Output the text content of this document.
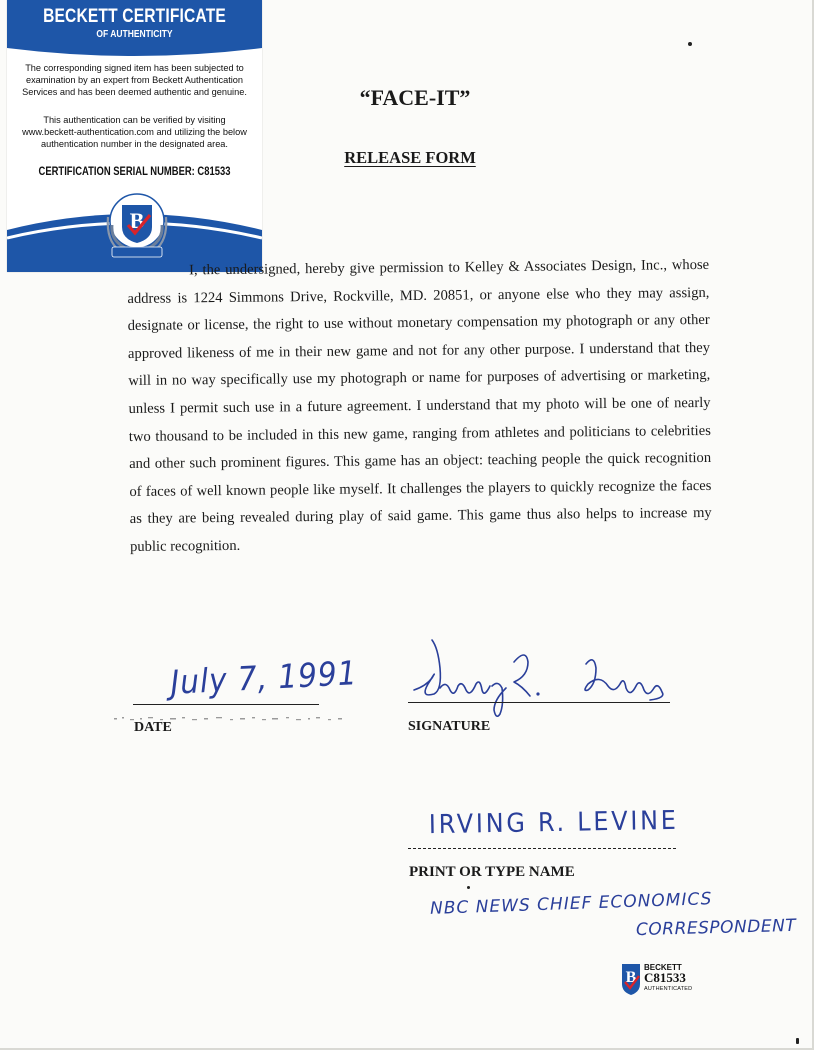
BECKETT CERTIFICATE
OF AUTHENTICITY
The corresponding signed item has been subjected to examination by an expert from Beckett Authentication Services and has been deemed authentic and genuine.
This authentication can be verified by visiting www.beckett-authentication.com and utilizing the below authentication number in the designated area.
CERTIFICATION SERIAL NUMBER: C81533
B
“FACE-IT”
RELEASE FORM
I, the undersigned, hereby give permission to Kelley & Associates Design, Inc., whose address is 1224 Simmons Drive, Rockville, MD. 20851, or anyone else who they may assign, designate or license, the right to use without monetary compensation my photograph or any other approved likeness of me in their new game and not for any other purpose. I understand that they will in no way specifically use my photograph or name for purposes of advertising or marketing, unless I permit such use in a future agreement. I understand that my photo will be one of nearly two thousand to be included in this new game, ranging from athletes and politicians to celebrities and other such prominent figures. This game has an object: teaching people the quick recognition of faces of well known people like myself. It challenges the players to quickly recognize the faces as they are being revealed during play of said game. This game thus also helps to increase my public recognition.
July 7, 1991
DATE	SIGNATURE
IRVING R. LEVINE
PRINT OR TYPE NAME
NBC NEWS CHIEF ECONOMICS
CORRESPONDENT
B
BECKETT
C81533
AUTHENTICATED
